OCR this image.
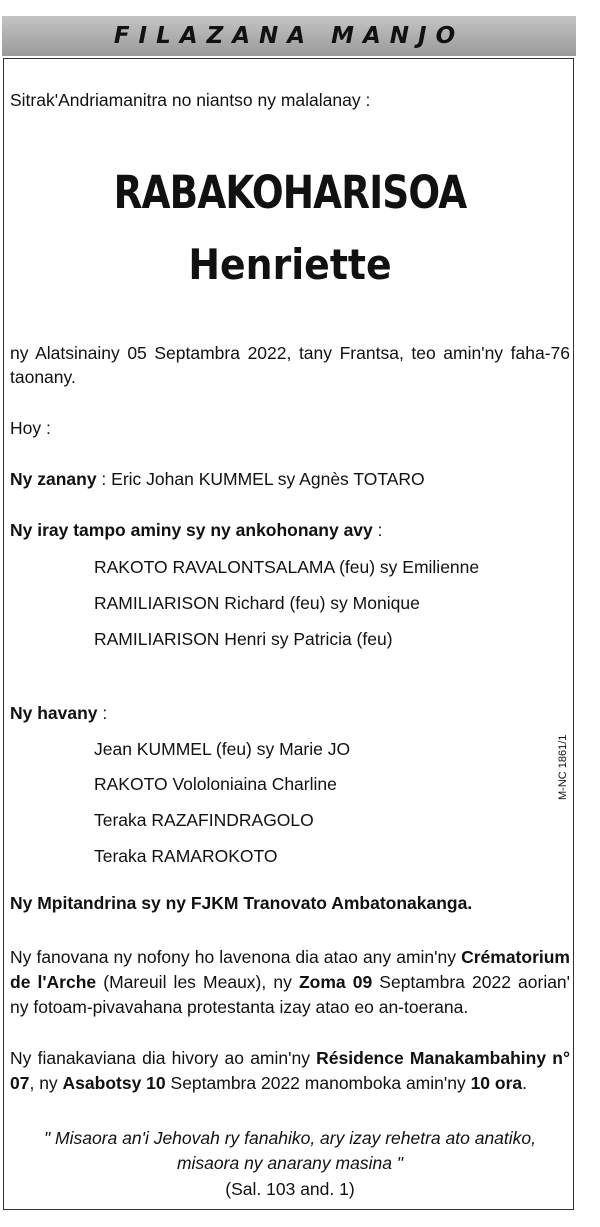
FILAZANA MANJO
Sitrak'Andriamanitra no niantso ny malalanay :
RABAKOHARISOA
Henriette
ny Alatsinainy 05 Septambra 2022, tany Frantsa, teo amin'ny faha-76 taonany.
Hoy :
Ny zanany : Eric Johan KUMMEL sy Agnès TOTARO
Ny iray tampo aminy sy ny ankohonany avy :
RAKOTO RAVALONTSALAMA (feu) sy Emilienne
RAMILIARISON Richard (feu) sy Monique
RAMILIARISON Henri sy Patricia (feu)
Ny havany :
Jean KUMMEL (feu) sy Marie JO
RAKOTO Vololoniaina Charline
Teraka RAZAFINDRAGOLO
Teraka RAMAROKOTO
Ny Mpitandrina sy ny FJKM Tranovato Ambatonakanga.
Ny fanovana ny nofony ho lavenona dia atao any amin'ny Crématorium de l'Arche (Mareuil les Meaux), ny Zoma 09 Septambra 2022 aorian' ny fotoam-pivavahana protestanta izay atao eo an-toerana.
Ny fianakaviana dia hivory ao amin'ny Résidence Manakambahiny n° 07, ny Asabotsy 10 Septambra 2022 manomboka amin'ny 10 ora.
" Misaora an'i Jehovah ry fanahiko, ary izay rehetra ato anatiko,
misaora ny anarany masina "
(Sal. 103 and. 1)
M-NC 1861/1
